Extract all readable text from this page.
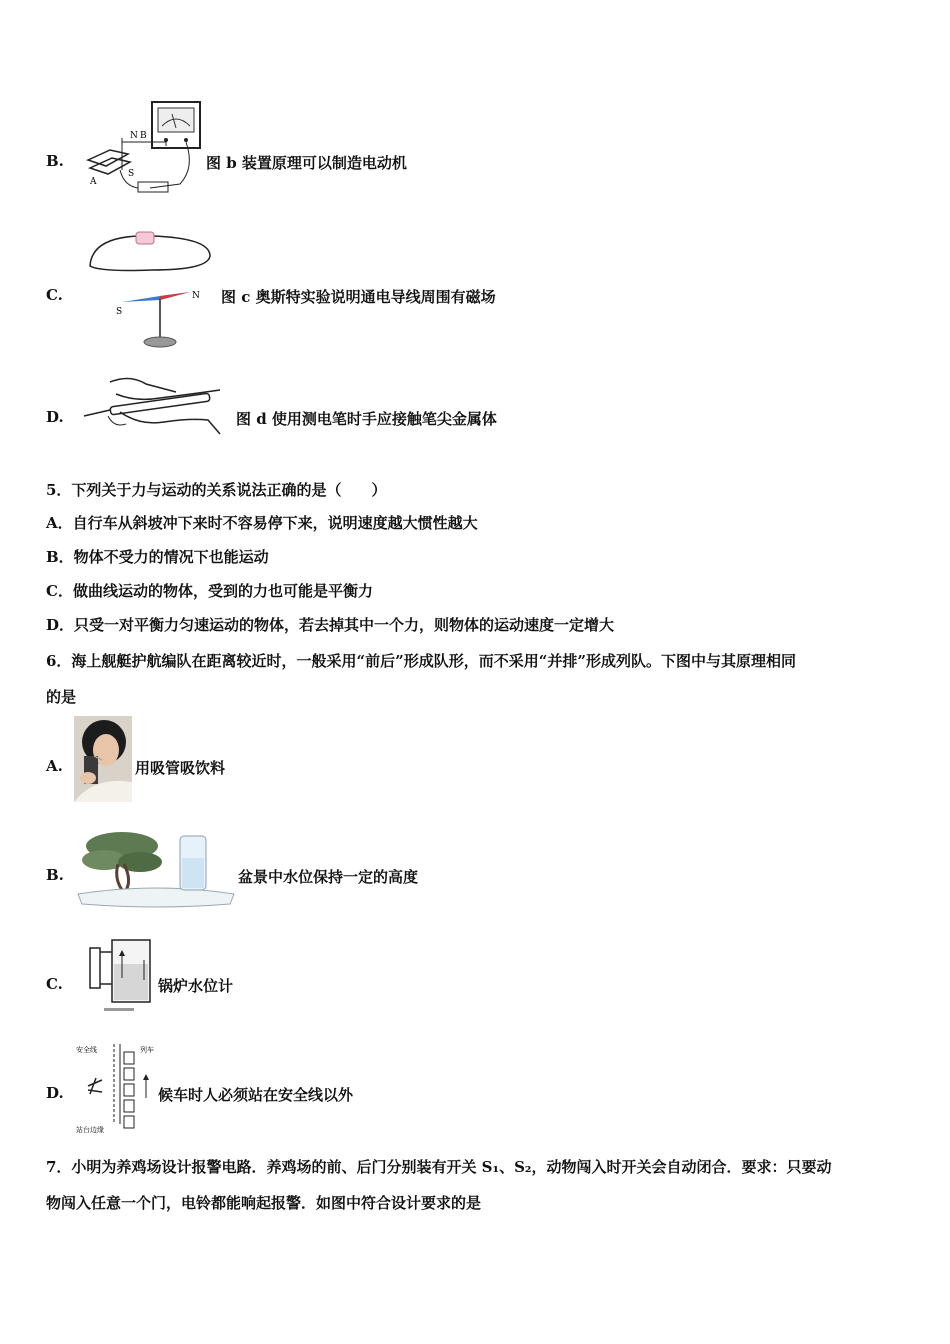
B.
N B
A
S
图 b 装置原理可以制造电动机
C.
S
N 图 c 奥斯特实验说明通电导线周围有磁场
D.	图 d 使用测电笔时手应接触笔尖金属体
5．下列关于力与运动的关系说法正确的是（　　）
A．自行车从斜坡冲下来时不容易停下来，说明速度越大惯性越大
B．物体不受力的情况下也能运动
C．做曲线运动的物体，受到的力也可能是平衡力
D．只受一对平衡力匀速运动的物体，若去掉其中一个力，则物体的运动速度一定增大
6．海上舰艇护航编队在距离较近时，一般采用“前后”形成队形，而不采用“并排”形成列队。下图中与其原理相同
的是
A.	用吸管吸饮料
B.	盆景中水位保持一定的高度
C.	锅炉水位计
D.
安全线	列车
站台边缘
候车时人必须站在安全线以外
7．小明为养鸡场设计报警电路．养鸡场的前、后门分别装有开关 S₁、S₂，动物闯入时开关会自动闭合．要求：只要动
物闯入任意一个门，电铃都能响起报警．如图中符合设计要求的是
